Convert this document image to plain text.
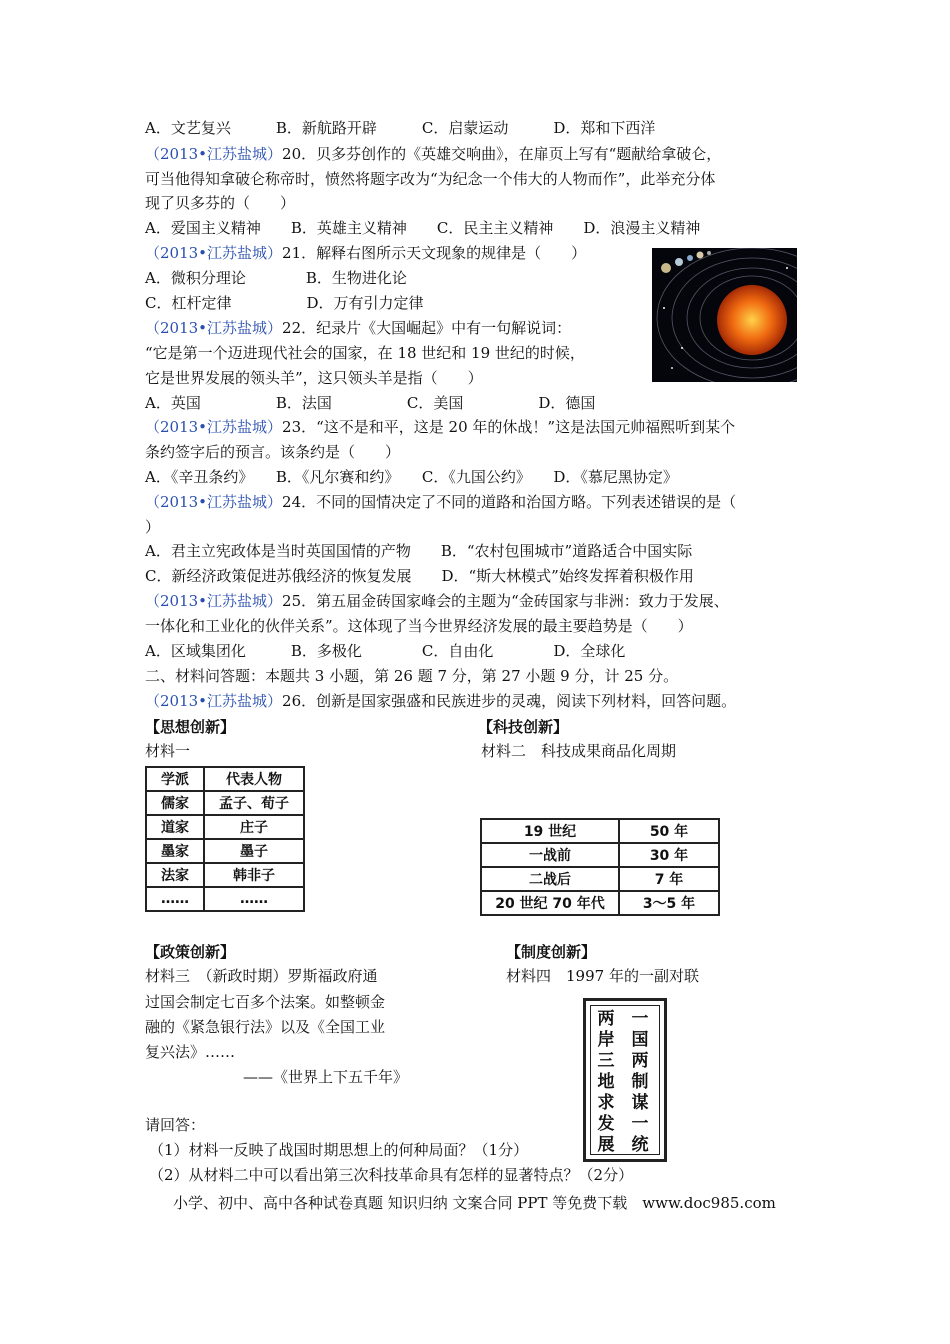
A．文艺复兴　　　B．新航路开辟　　　C．启蒙运动　　　D．郑和下西洋
（2013•江苏盐城）20．贝多芬创作的《英雄交响曲》，在扉页上写有“题献给拿破仑，
可当他得知拿破仑称帝时，愤然将题字改为“为纪念一个伟大的人物而作”，此举充分体
现了贝多芬的（　　）
A．爱国主义精神　　B．英雄主义精神　　C．民主主义精神　　D．浪漫主义精神
（2013•江苏盐城）21．解释右图所示天文现象的规律是（　　）
A．微积分理论　　　　B．生物进化论
C．杠杆定律　　　　　D．万有引力定律
（2013•江苏盐城）22．纪录片《大国崛起》中有一句解说词：
“它是第一个迈进现代社会的国家，在 18 世纪和 19 世纪的时候，
它是世界发展的领头羊”，这只领头羊是指（　　）
A．英国　　　　　B．法国　　　　　C．美国　　　　　D．德国
（2013•江苏盐城）23．“这不是和平，这是 20 年的休战！”这是法国元帅福熙听到某个
条约签字后的预言。该条约是（　　）
A．《辛丑条约》　　B．《凡尔赛和约》　　C．《九国公约》　　D．《慕尼黑协定》
（2013•江苏盐城）24．不同的国情决定了不同的道路和治国方略。下列表述错误的是（
）
A．君主立宪政体是当时英国国情的产物　　B．“农村包围城市”道路适合中国实际
C．新经济政策促进苏俄经济的恢复发展　　D．“斯大林模式”始终发挥着积极作用
（2013•江苏盐城）25．第五届金砖国家峰会的主题为“金砖国家与非洲：致力于发展、
一体化和工业化的伙伴关系”。这体现了当今世界经济发展的最主要趋势是（　　）
A．区域集团化　　　B．多极化　　　　C．自由化　　　　D．全球化
二、材料问答题：本题共 3 小题，第 26 题 7 分，第 27 小题 9 分，计 25 分。
（2013•江苏盐城）26．创新是国家强盛和民族进步的灵魂，阅读下列材料，回答问题。
【思想创新】	【科技创新】
材料一	材料二　科技成果商品化周期
学派	代表人物
儒家	孟子、荀子
道家	庄子
墨家	墨子
法家	韩非子
……	……
19 世纪	50 年
一战前	30 年
二战后	7 年
20 世纪 70 年代	3～5 年
【政策创新】	【制度创新】
材料三　（新政时期）罗斯福政府通
过国会制定七百多个法案。如整顿金
融的《紧急银行法》以及《全国工业
复兴法》……
——《世界上下五千年》
材料四　1997 年的一副对联
一
国
两
制
谋
一
统
两
岸
三
地
求
发
展
请回答：
（1）材料一反映了战国时期思想上的何种局面？（1分）
（2）从材料二中可以看出第三次科技革命具有怎样的显著特点？（2分）
小学、初中、高中各种试卷真题 知识归纳 文案合同 PPT 等免费下载　www.doc985.com
